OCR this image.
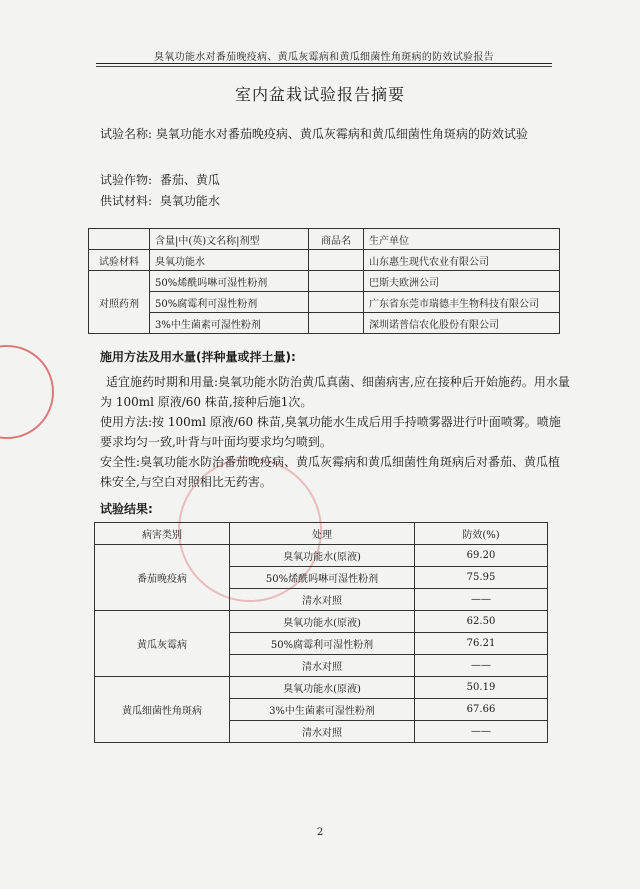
臭氧功能水对番茄晚疫病、黄瓜灰霉病和黄瓜细菌性角斑病的防效试验报告
室内盆栽试验报告摘要
试验名称: 臭氧功能水对番茄晚疫病、黄瓜灰霉病和黄瓜细菌性角斑病的防效试验
试验作物: 番茄、黄瓜
供试材料: 臭氧功能水
	含量|中(英)文名称|剂型	商品名	生产单位
试验材料	臭氧功能水		山东惠生现代农业有限公司
对照药剂	50%烯酰吗啉可湿性粉剂		巴斯夫欧洲公司
	50%腐霉利可湿性粉剂		广东省东莞市瑞德丰生物科技有限公司
	3%中生菌素可湿性粉剂		深圳诺普信农化股份有限公司
施用方法及用水量(拌种量或拌土量):
适宜施药时期和用量:臭氧功能水防治黄瓜真菌、细菌病害,应在接种后开始施药。用水量为 100ml 原液/60 株苗,接种后施1次。
使用方法:按 100ml 原液/60 株苗,臭氧功能水生成后用手持喷雾器进行叶面喷雾。喷施要求均匀一致,叶背与叶面均要求均匀喷到。
安全性:臭氧功能水防治番茄晚疫病、黄瓜灰霉病和黄瓜细菌性角斑病后对番茄、黄瓜植株安全,与空白对照相比无药害。
试验结果:
病害类别	处理	防效(%)
番茄晚疫病	臭氧功能水(原液)	69.20
	50%烯酰吗啉可湿性粉剂	75.95
	清水对照	——
黄瓜灰霉病	臭氧功能水(原液)	62.50
	50%腐霉利可湿性粉剂	76.21
	清水对照	——
黄瓜细菌性角斑病	臭氧功能水(原液)	50.19
	3%中生菌素可湿性粉剂	67.66
	清水对照	——
2
